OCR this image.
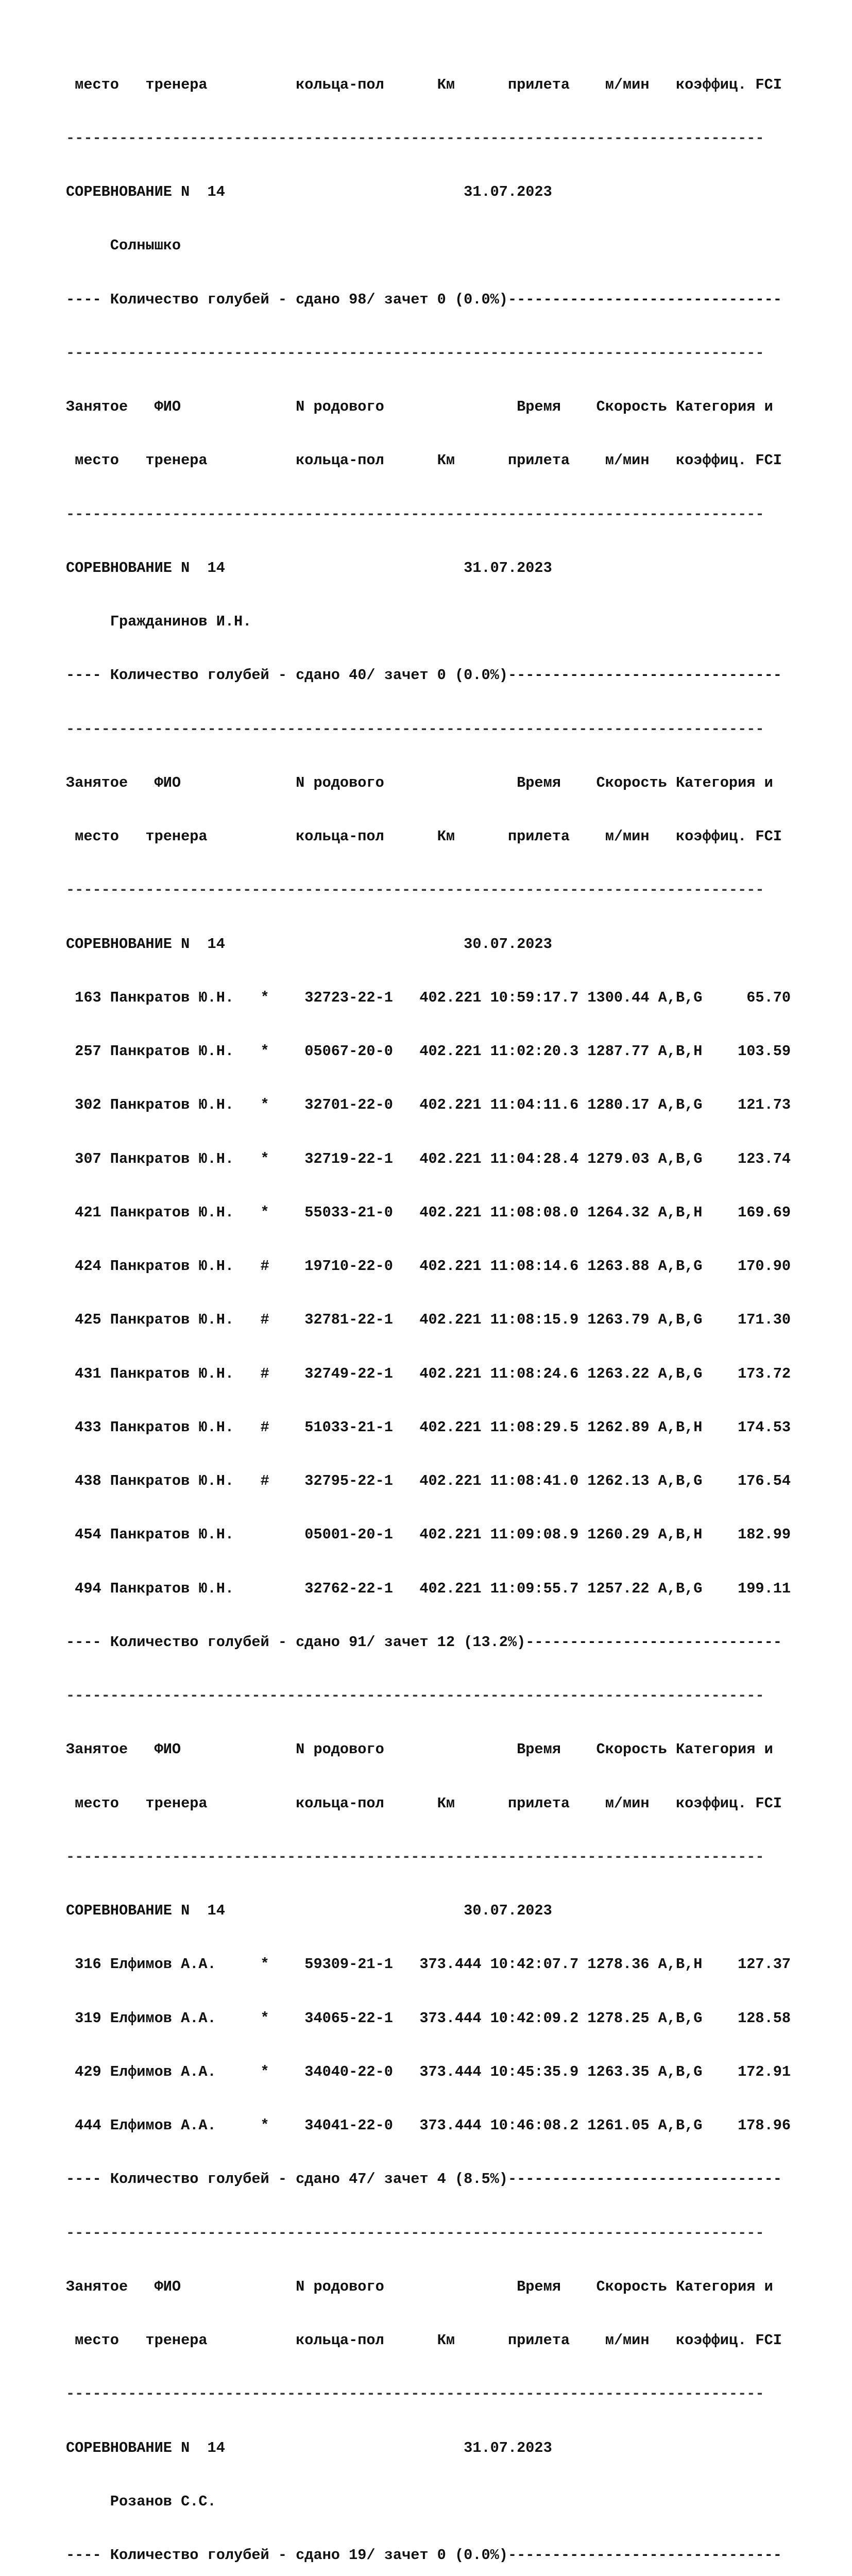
место   тренера          кольца-пол      Км      прилета    м/мин   коэффиц. FCI

-------------------------------------------------------------------------------

СОРЕВНОВАНИЕ N  14                           31.07.2023

Солнышко

---- Количество голубей - сдано 98/ зачет 0 (0.0%)-------------------------------

-------------------------------------------------------------------------------

Занятое   ФИО             N родового               Время    Скорость Категория и

место   тренера          кольца-пол      Км      прилета    м/мин   коэффиц. FCI

-------------------------------------------------------------------------------

СОРЕВНОВАНИЕ N  14                           31.07.2023

Гражданинов И.Н.

---- Количество голубей - сдано 40/ зачет 0 (0.0%)-------------------------------

-------------------------------------------------------------------------------

Занятое   ФИО             N родового               Время    Скорость Категория и

место   тренера          кольца-пол      Км      прилета    м/мин   коэффиц. FCI

-------------------------------------------------------------------------------

СОРЕВНОВАНИЕ N  14                           30.07.2023

163 Панкратов Ю.Н.   *    32723-22-1   402.221 10:59:17.7 1300.44 A,B,G     65.70

257 Панкратов Ю.Н.   *    05067-20-0   402.221 11:02:20.3 1287.77 A,B,H    103.59

302 Панкратов Ю.Н.   *    32701-22-0   402.221 11:04:11.6 1280.17 A,B,G    121.73

307 Панкратов Ю.Н.   *    32719-22-1   402.221 11:04:28.4 1279.03 A,B,G    123.74

421 Панкратов Ю.Н.   *    55033-21-0   402.221 11:08:08.0 1264.32 A,B,H    169.69

424 Панкратов Ю.Н.   #    19710-22-0   402.221 11:08:14.6 1263.88 A,B,G    170.90

425 Панкратов Ю.Н.   #    32781-22-1   402.221 11:08:15.9 1263.79 A,B,G    171.30

431 Панкратов Ю.Н.   #    32749-22-1   402.221 11:08:24.6 1263.22 A,B,G    173.72

433 Панкратов Ю.Н.   #    51033-21-1   402.221 11:08:29.5 1262.89 A,B,H    174.53

438 Панкратов Ю.Н.   #    32795-22-1   402.221 11:08:41.0 1262.13 A,B,G    176.54

454 Панкратов Ю.Н.        05001-20-1   402.221 11:09:08.9 1260.29 A,B,H    182.99

494 Панкратов Ю.Н.        32762-22-1   402.221 11:09:55.7 1257.22 A,B,G    199.11

---- Количество голубей - сдано 91/ зачет 12 (13.2%)-----------------------------

-------------------------------------------------------------------------------

Занятое   ФИО             N родового               Время    Скорость Категория и

место   тренера          кольца-пол      Км      прилета    м/мин   коэффиц. FCI

-------------------------------------------------------------------------------

СОРЕВНОВАНИЕ N  14                           30.07.2023

316 Елфимов А.А.     *    59309-21-1   373.444 10:42:07.7 1278.36 A,B,H    127.37

319 Елфимов А.А.     *    34065-22-1   373.444 10:42:09.2 1278.25 A,B,G    128.58

429 Елфимов А.А.     *    34040-22-0   373.444 10:45:35.9 1263.35 A,B,G    172.91

444 Елфимов А.А.     *    34041-22-0   373.444 10:46:08.2 1261.05 A,B,G    178.96

---- Количество голубей - сдано 47/ зачет 4 (8.5%)-------------------------------

-------------------------------------------------------------------------------

Занятое   ФИО             N родового               Время    Скорость Категория и

место   тренера          кольца-пол      Км      прилета    м/мин   коэффиц. FCI

-------------------------------------------------------------------------------

СОРЕВНОВАНИЕ N  14                           31.07.2023

Розанов С.С.

---- Количество голубей - сдано 19/ зачет 0 (0.0%)-------------------------------
